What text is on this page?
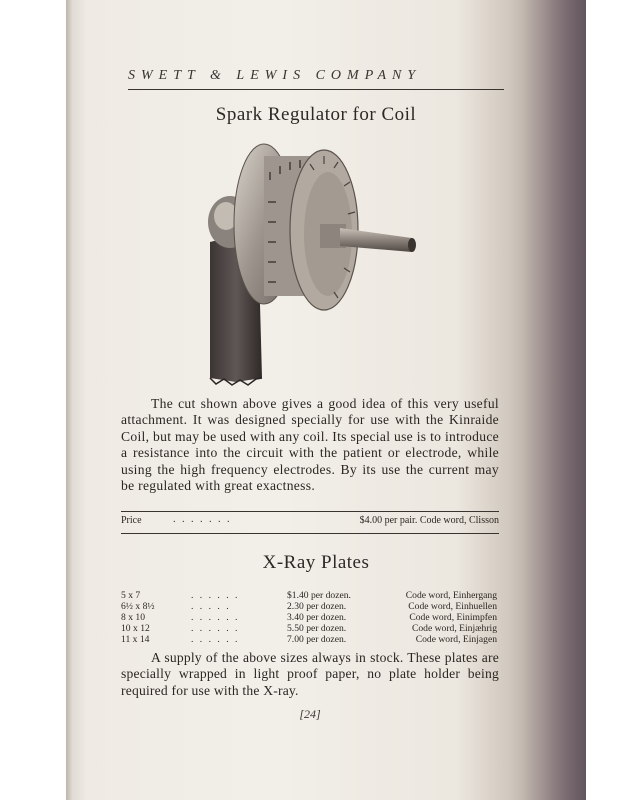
SWETT & LEWIS COMPANY
Spark Regulator for Coil
The cut shown above gives a good idea of this very useful attachment. It was designed specially for use with the Kinraide Coil, but may be used with any coil. Its special use is to introduce a resistance into the circuit with the patient or electrode, while using the high frequency electrodes. By its use the current may be regulated with great exactness.
Price	. . . . . . .	$4.00 per pair. Code word, Clisson
X-Ray Plates
5 x 7	. . . . . .	$1.40 per dozen.	Code word, Einhergang
6½ x 8½	. . . . .	2.30 per dozen.	Code word, Einhuellen
8 x 10	. . . . . .	3.40 per dozen.	Code word, Einimpfen
10 x 12	. . . . . .	5.50 per dozen.	Code word, Einjæhrig
11 x 14	. . . . . .	7.00 per dozen.	Code word, Einjagen
A supply of the above sizes always in stock. These plates are specially wrapped in light proof paper, no plate holder being required for use with the X-ray.
[24]
